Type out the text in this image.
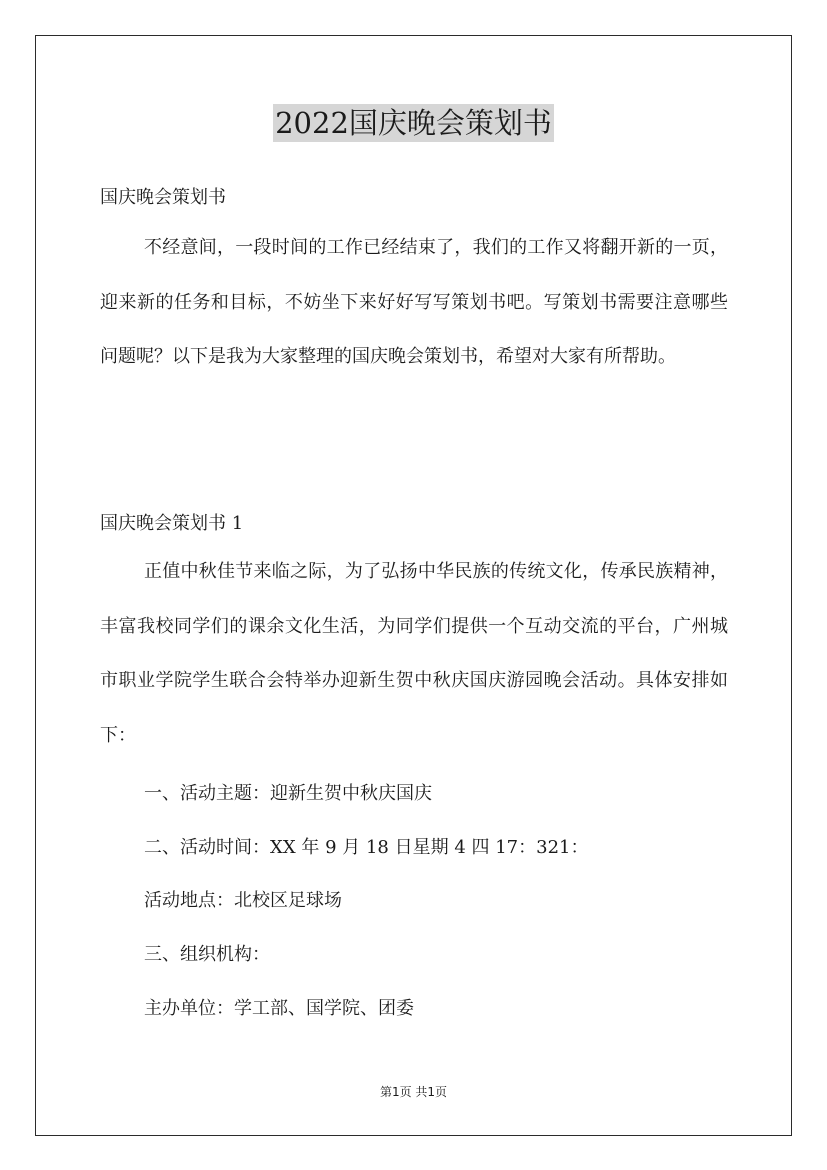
2022国庆晚会策划书
国庆晚会策划书
不经意间，一段时间的工作已经结束了，我们的工作又将翻开新的一页，迎来新的任务和目标，不妨坐下来好好写写策划书吧。写策划书需要注意哪些问题呢？以下是我为大家整理的国庆晚会策划书，希望对大家有所帮助。
国庆晚会策划书 1
正值中秋佳节来临之际，为了弘扬中华民族的传统文化，传承民族精神，丰富我校同学们的课余文化生活，为同学们提供一个互动交流的平台，广州城市职业学院学生联合会特举办迎新生贺中秋庆国庆游园晚会活动。具体安排如下：
一、活动主题：迎新生贺中秋庆国庆
二、活动时间：XX 年 9 月 18 日星期 4 四 17：321：
活动地点：北校区足球场
三、组织机构：
主办单位：学工部、国学院、团委
第1页 共1页
